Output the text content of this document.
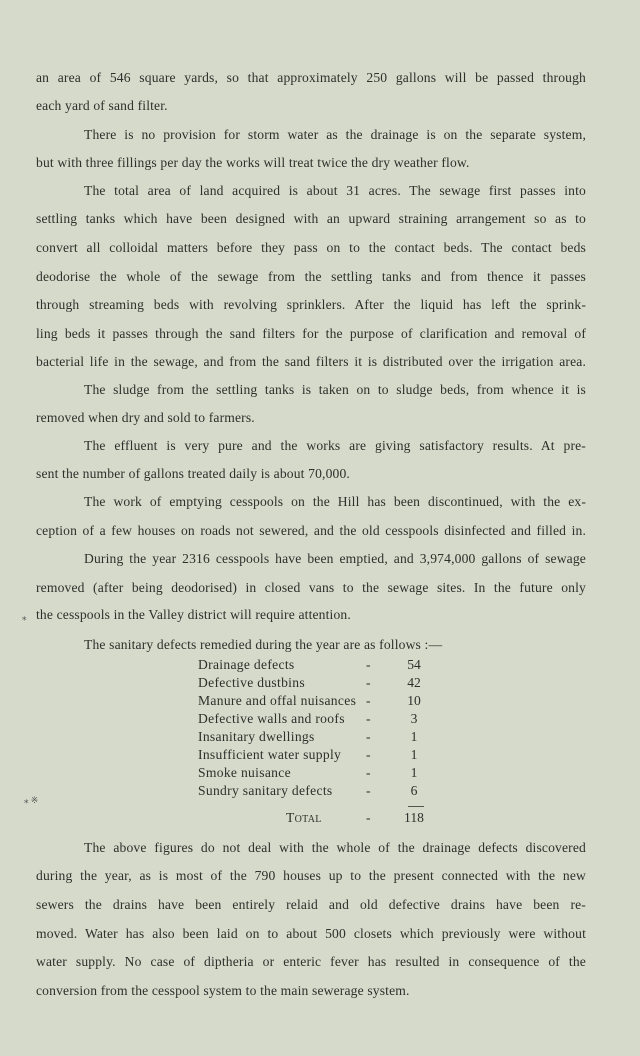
an area of 546 square yards, so that approximately 250 gallons will be passed through
each yard of sand filter.
There is no provision for storm water as the drainage is on the separate system,
but with three fillings per day the works will treat twice the dry weather flow.
The total area of land acquired is about 31 acres. The sewage first passes into
settling tanks which have been designed with an upward straining arrangement so as to
convert all colloidal matters before they pass on to the contact beds. The contact beds
deodorise the whole of the sewage from the settling tanks and from thence it passes
through streaming beds with revolving sprinklers. After the liquid has left the sprink-
ling beds it passes through the sand filters for the purpose of clarification and removal of
bacterial life in the sewage, and from the sand filters it is distributed over the irrigation area.
The sludge from the settling tanks is taken on to sludge beds, from whence it is
removed when dry and sold to farmers.
The effluent is very pure and the works are giving satisfactory results. At pre-
sent the number of gallons treated daily is about 70,000.
The work of emptying cesspools on the Hill has been discontinued, with the ex-
ception of a few houses on roads not sewered, and the old cesspools disinfected and filled in.
During the year 2316 cesspools have been emptied, and 3,974,000 gallons of sewage
removed (after being deodorised) in closed vans to the sewage sites. In the future only
the cesspools in the Valley district will require attention.
⁎
The sanitary defects remedied during the year are as follows :—
Drainage defects	-	54
Defective dustbins	-	42
Manure and offal nuisances -	10
Defective walls and roofs -	3
Insanitary dwellings	-	1
Insufficient water supply -	1
Smoke nuisance	-	1
Sundry sanitary defects -	6
Total	-	118
⁎ ※
The above figures do not deal with the whole of the drainage defects discovered
during the year, as is most of the 790 houses up to the present connected with the new
sewers the drains have been entirely relaid and old defective drains have been re-
moved. Water has also been laid on to about 500 closets which previously were without
water supply. No case of diptheria or enteric fever has resulted in consequence of the
conversion from the cesspool system to the main sewerage system.
